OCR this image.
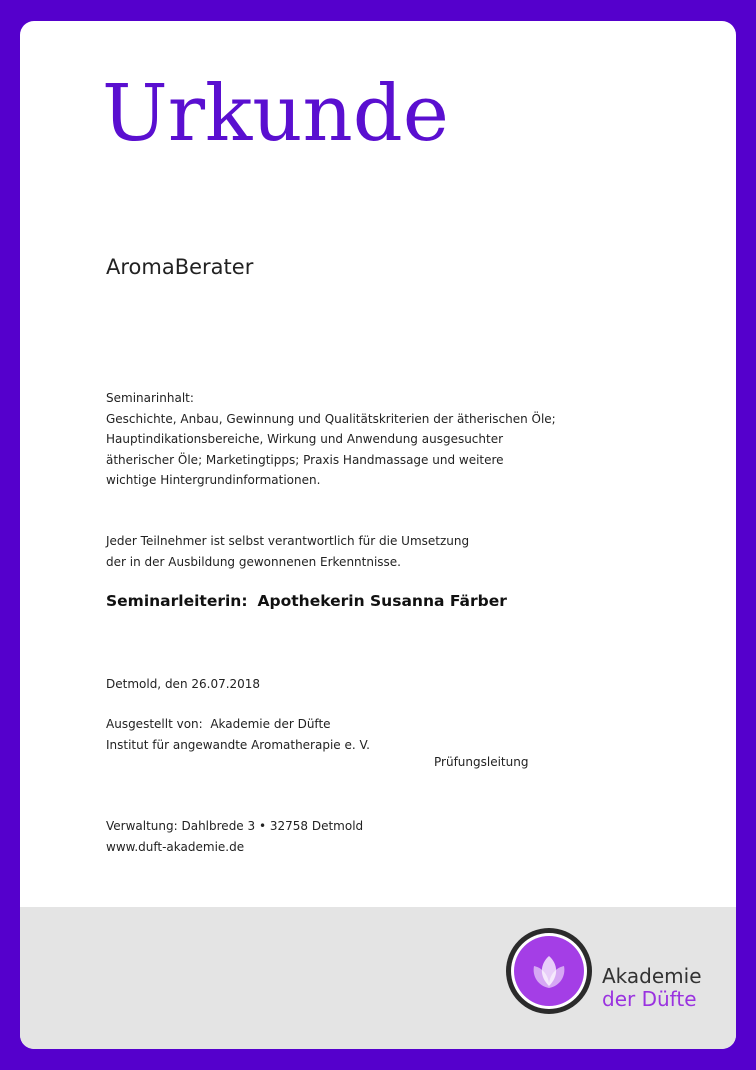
Urkunde
AromaBerater
Seminarinhalt:
Geschichte, Anbau, Gewinnung und Qualitätskriterien der ätherischen Öle;
Hauptindikationsbereiche, Wirkung und Anwendung ausgesuchter
ätherischer Öle; Marketingtipps; Praxis Handmassage und weitere
wichtige Hintergrundinformationen.
Jeder Teilnehmer ist selbst verantwortlich für die Umsetzung
der in der Ausbildung gewonnenen Erkenntnisse.
Seminarleiterin: Apothekerin Susanna Färber
Detmold, den 26.07.2018
Ausgestellt von:  Akademie der Düfte
Institut für angewandte Aromatherapie e. V.
Prüfungsleitung
Verwaltung: Dahlbrede 3 • 32758 Detmold
www.duft-akademie.de
Akademie
der Düfte
